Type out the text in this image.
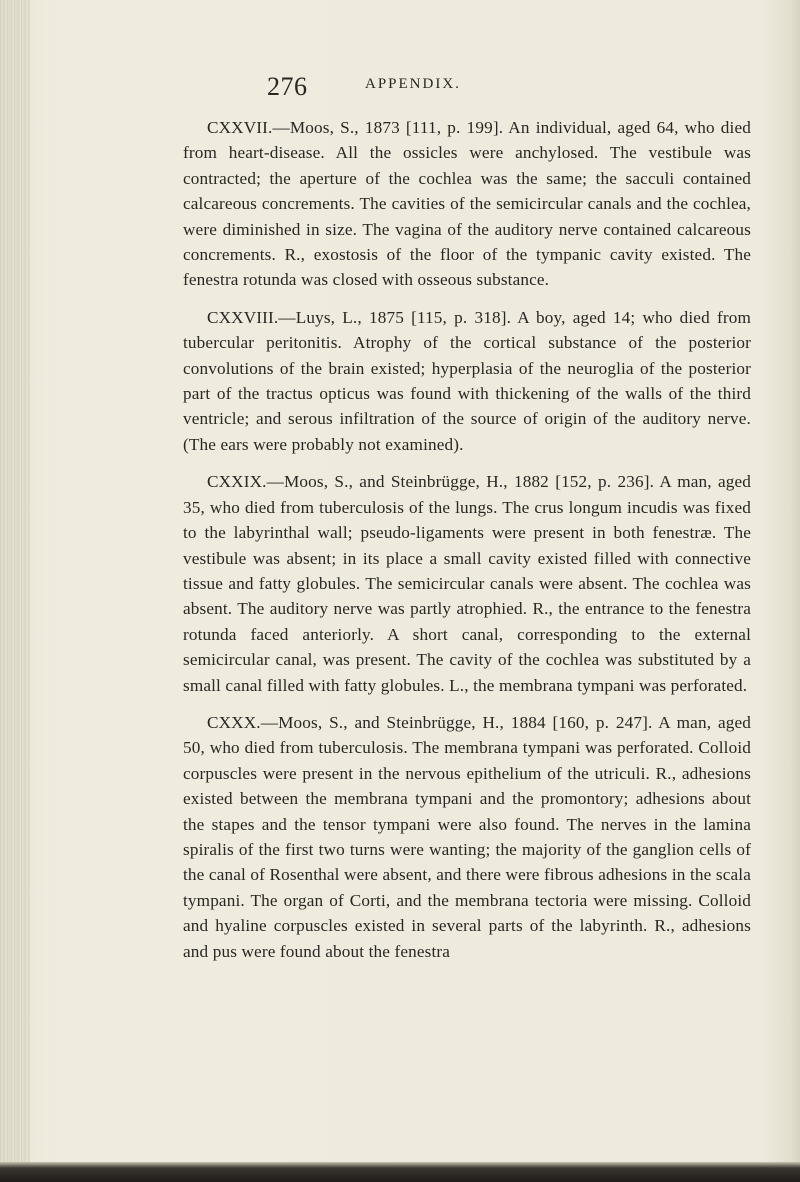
276	APPENDIX.

CXXVII.—Moos, S., 1873 [111, p. 199]. An individual, aged 64, who died from heart-disease. All the ossicles were anchylosed. The vestibule was contracted; the aperture of the cochlea was the same; the sacculi contained calcareous concrements. The cavities of the semicircular canals and the cochlea, were diminished in size. The vagina of the auditory nerve contained calcareous concrements. R., exostosis of the floor of the tympanic cavity existed. The fenestra rotunda was closed with osseous substance.

CXXVIII.—Luys, L., 1875 [115, p. 318]. A boy, aged 14; who died from tubercular peritonitis. Atrophy of the cortical substance of the posterior convolutions of the brain existed; hyperplasia of the neuroglia of the posterior part of the tractus opticus was found with thickening of the walls of the third ventricle; and serous infiltration of the source of origin of the auditory nerve. (The ears were probably not examined).

CXXIX.—Moos, S., and Steinbrügge, H., 1882 [152, p. 236]. A man, aged 35, who died from tuberculosis of the lungs. The crus longum incudis was fixed to the labyrinthal wall; pseudo-ligaments were present in both fenestræ. The vestibule was absent; in its place a small cavity existed filled with connective tissue and fatty globules. The semicircular canals were absent. The cochlea was absent. The auditory nerve was partly atrophied. R., the entrance to the fenestra rotunda faced anteriorly. A short canal, corresponding to the external semicircular canal, was present. The cavity of the cochlea was substituted by a small canal filled with fatty globules. L., the membrana tympani was perforated.

CXXX.—Moos, S., and Steinbrügge, H., 1884 [160, p. 247]. A man, aged 50, who died from tuberculosis. The membrana tympani was perforated. Colloid corpuscles were present in the nervous epithelium of the utriculi. R., adhesions existed between the membrana tympani and the promontory; adhesions about the stapes and the tensor tympani were also found. The nerves in the lamina spiralis of the first two turns were wanting; the majority of the ganglion cells of the canal of Rosenthal were absent, and there were fibrous adhesions in the scala tympani. The organ of Corti, and the membrana tectoria were missing. Colloid and hyaline corpuscles existed in several parts of the labyrinth. R., adhesions and pus were found about the fenestra
